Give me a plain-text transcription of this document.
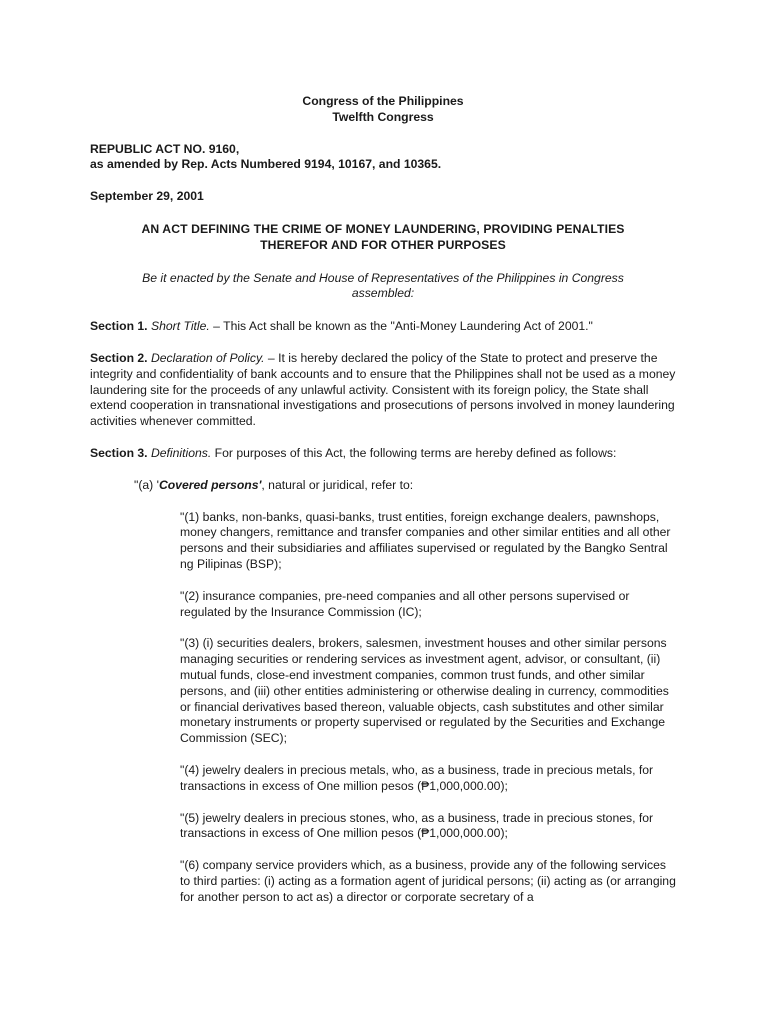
Congress of the Philippines

Twelfth Congress

REPUBLIC ACT NO. 9160,

as amended by Rep. Acts Numbered 9194, 10167, and 10365.

September 29, 2001

AN ACT DEFINING THE CRIME OF MONEY LAUNDERING, PROVIDING PENALTIES

THEREFOR AND FOR OTHER PURPOSES

Be it enacted by the Senate and House of Representatives of the Philippines in Congress

assembled:

Section 1. Short Title. – This Act shall be known as the "Anti-Money Laundering Act of 2001."

Section 2. Declaration of Policy. – It is hereby declared the policy of the State to protect and preserve the integrity and confidentiality of bank accounts and to ensure that the Philippines shall not be used as a money laundering site for the proceeds of any unlawful activity. Consistent with its foreign policy, the State shall extend cooperation in transnational investigations and prosecutions of persons involved in money laundering activities whenever committed.

Section 3. Definitions. For purposes of this Act, the following terms are hereby defined as follows:

"(a) 'Covered persons', natural or juridical, refer to:

"(1) banks, non-banks, quasi-banks, trust entities, foreign exchange dealers, pawnshops, money changers, remittance and transfer companies and other similar entities and all other persons and their subsidiaries and affiliates supervised or regulated by the Bangko Sentral ng Pilipinas (BSP);

"(2) insurance companies, pre-need companies and all other persons supervised or regulated by the Insurance Commission (IC);

"(3) (i) securities dealers, brokers, salesmen, investment houses and other similar persons managing securities or rendering services as investment agent, advisor, or consultant, (ii) mutual funds, close-end investment companies, common trust funds, and other similar persons, and (iii) other entities administering or otherwise dealing in currency, commodities or financial derivatives based thereon, valuable objects, cash substitutes and other similar monetary instruments or property supervised or regulated by the Securities and Exchange Commission (SEC);

"(4) jewelry dealers in precious metals, who, as a business, trade in precious metals, for transactions in excess of One million pesos (₱1,000,000.00);

"(5) jewelry dealers in precious stones, who, as a business, trade in precious stones, for transactions in excess of One million pesos (₱1,000,000.00);

"(6) company service providers which, as a business, provide any of the following services to third parties: (i) acting as a formation agent of juridical persons; (ii) acting as (or arranging for another person to act as) a director or corporate secretary of a
